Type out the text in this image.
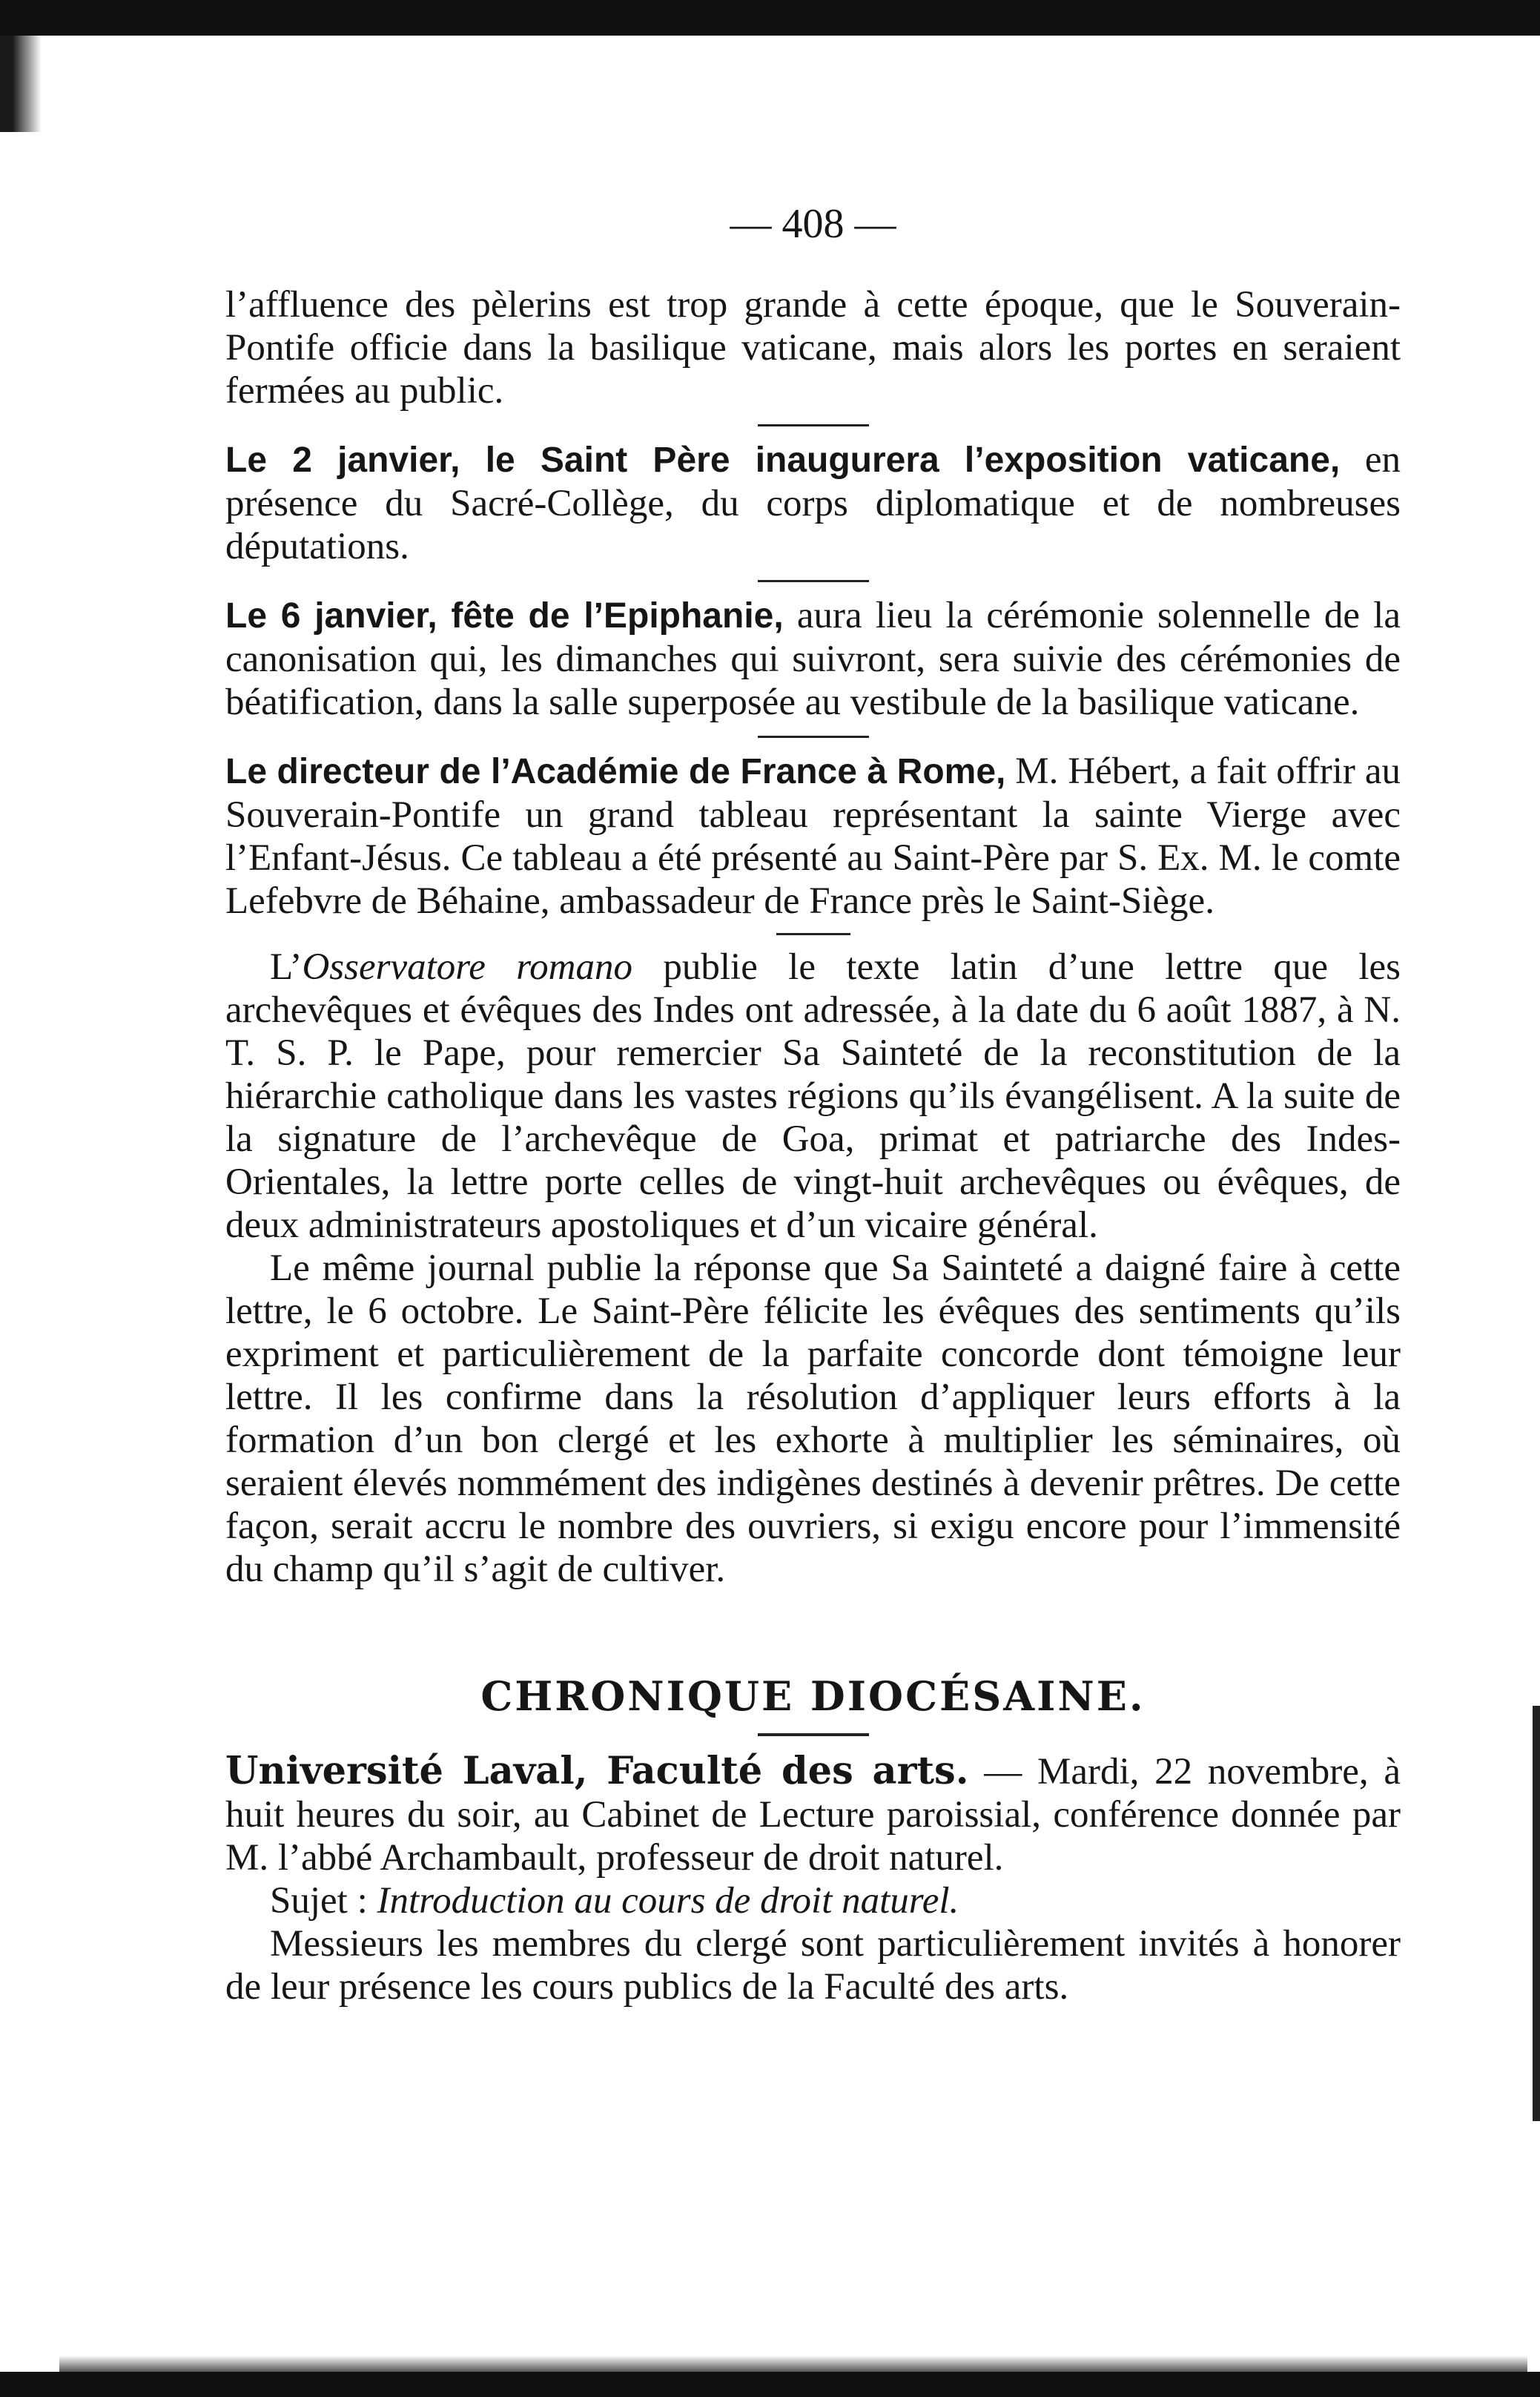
— 408 —

l’affluence des pèlerins est trop grande à cette époque, que le Souverain-Pontife officie dans la basilique vaticane, mais alors les portes en seraient fermées au public.

Le 2 janvier, le Saint Père inaugurera l’exposition vaticane, en présence du Sacré-Collège, du corps diplomatique et de nombreuses députations.

Le 6 janvier, fête de l’Epiphanie, aura lieu la cérémonie solennelle de la canonisation qui, les dimanches qui suivront, sera suivie des cérémonies de béatification, dans la salle superposée au vestibule de la basilique vaticane.

Le directeur de l’Académie de France à Rome, M. Hébert, a fait offrir au Souverain-Pontife un grand tableau représentant la sainte Vierge avec l’Enfant-Jésus. Ce tableau a été présenté au Saint-Père par S. Ex. M. le comte Lefebvre de Béhaine, ambassadeur de France près le Saint-Siège.

L’Osservatore romano publie le texte latin d’une lettre que les archevêques et évêques des Indes ont adressée, à la date du 6 août 1887, à N. T. S. P. le Pape, pour remercier Sa Sainteté de la reconstitution de la hiérarchie catholique dans les vastes régions qu’ils évangélisent. A la suite de la signature de l’archevêque de Goa, primat et patriarche des Indes-Orientales, la lettre porte celles de vingt-huit archevêques ou évêques, de deux administrateurs apostoliques et d’un vicaire général.

Le même journal publie la réponse que Sa Sainteté a daigné faire à cette lettre, le 6 octobre. Le Saint-Père félicite les évêques des sentiments qu’ils expriment et particulièrement de la parfaite concorde dont témoigne leur lettre. Il les confirme dans la résolution d’appliquer leurs efforts à la formation d’un bon clergé et les exhorte à multiplier les séminaires, où seraient élevés nommément des indigènes destinés à devenir prêtres. De cette façon, serait accru le nombre des ouvriers, si exigu encore pour l’immensité du champ qu’il s’agit de cultiver.

CHRONIQUE DIOCÉSAINE.

Université Laval, Faculté des arts. — Mardi, 22 novembre, à huit heures du soir, au Cabinet de Lecture paroissial, conférence donnée par M. l’abbé Archambault, professeur de droit naturel.

Sujet : Introduction au cours de droit naturel.

Messieurs les membres du clergé sont particulièrement invités à honorer de leur présence les cours publics de la Faculté des arts.
